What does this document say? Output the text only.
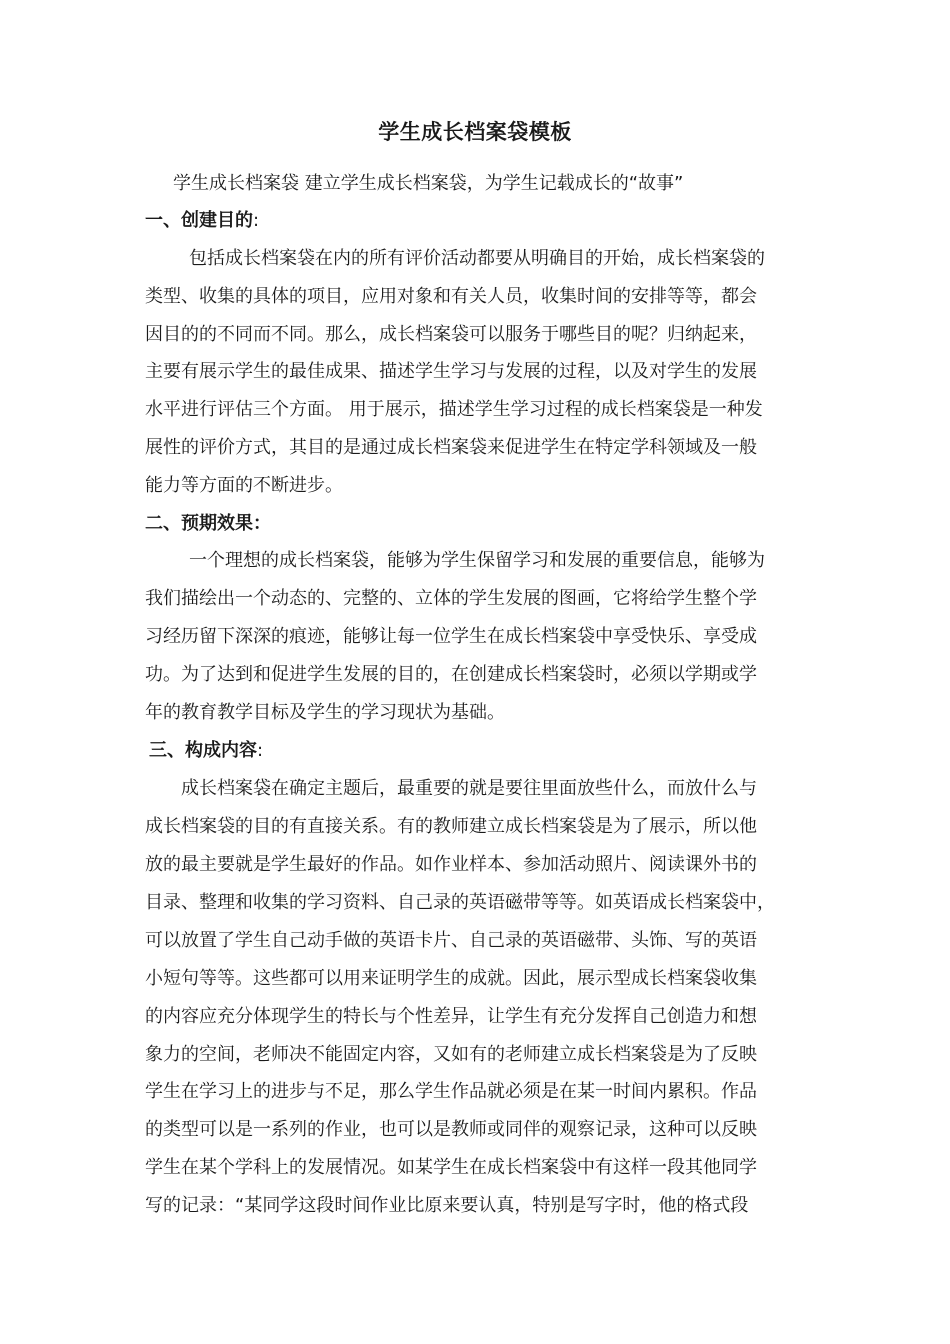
学生成长档案袋模板
学生成长档案袋 建立学生成长档案袋，为学生记载成长的“故事”
一、创建目的:
包括成长档案袋在内的所有评价活动都要从明确目的开始，成长档案袋的
类型、收集的具体的项目，应用对象和有关人员，收集时间的安排等等，都会
因目的的不同而不同。那么，成长档案袋可以服务于哪些目的呢？归纳起来，
主要有展示学生的最佳成果、描述学生学习与发展的过程，以及对学生的发展
水平进行评估三个方面。 用于展示，描述学生学习过程的成长档案袋是一种发
展性的评价方式，其目的是通过成长档案袋来促进学生在特定学科领域及一般
能力等方面的不断进步。
二、预期效果：
一个理想的成长档案袋，能够为学生保留学习和发展的重要信息，能够为
我们描绘出一个动态的、完整的、立体的学生发展的图画，它将给学生整个学
习经历留下深深的痕迹，能够让每一位学生在成长档案袋中享受快乐、享受成
功。为了达到和促进学生发展的目的，在创建成长档案袋时，必须以学期或学
年的教育教学目标及学生的学习现状为基础。
三、构成内容:
成长档案袋在确定主题后，最重要的就是要往里面放些什么，而放什么与
成长档案袋的目的有直接关系。有的教师建立成长档案袋是为了展示，所以他
放的最主要就是学生最好的作品。如作业样本、参加活动照片、阅读课外书的
目录、整理和收集的学习资料、自己录的英语磁带等等。如英语成长档案袋中，
可以放置了学生自己动手做的英语卡片、自己录的英语磁带、头饰、写的英语
小短句等等。这些都可以用来证明学生的成就。因此，展示型成长档案袋收集
的内容应充分体现学生的特长与个性差异，让学生有充分发挥自己创造力和想
象力的空间，老师决不能固定内容，又如有的老师建立成长档案袋是为了反映
学生在学习上的进步与不足，那么学生作品就必须是在某一时间内累积。作品
的类型可以是一系列的作业，也可以是教师或同伴的观察记录，这种可以反映
学生在某个学科上的发展情况。如某学生在成长档案袋中有这样一段其他同学
写的记录：“某同学这段时间作业比原来要认真，特别是写字时，他的格式段
